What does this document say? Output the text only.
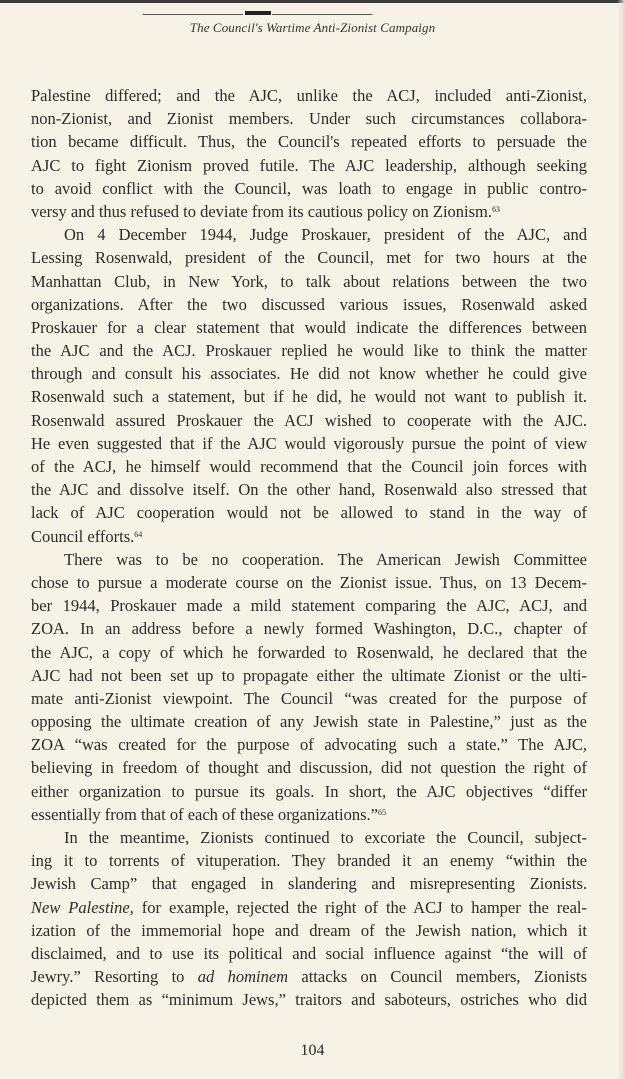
The Council's Wartime Anti-Zionist Campaign
Palestine differed; and the AJC, unlike the ACJ, included anti-Zionist,
non-Zionist, and Zionist members. Under such circumstances collabora-
tion became difficult. Thus, the Council's repeated efforts to persuade the
AJC to fight Zionism proved futile. The AJC leadership, although seeking
to avoid conflict with the Council, was loath to engage in public contro-
versy and thus refused to deviate from its cautious policy on Zionism.$^{63}$
On 4 December 1944, Judge Proskauer, president of the AJC, and
Lessing Rosenwald, president of the Council, met for two hours at the
Manhattan Club, in New York, to talk about relations between the two
organizations. After the two discussed various issues, Rosenwald asked
Proskauer for a clear statement that would indicate the differences between
the AJC and the ACJ. Proskauer replied he would like to think the matter
through and consult his associates. He did not know whether he could give
Rosenwald such a statement, but if he did, he would not want to publish it.
Rosenwald assured Proskauer the ACJ wished to cooperate with the AJC.
He even suggested that if the AJC would vigorously pursue the point of view
of the ACJ, he himself would recommend that the Council join forces with
the AJC and dissolve itself. On the other hand, Rosenwald also stressed that
lack of AJC cooperation would not be allowed to stand in the way of
Council efforts.$^{64}$
There was to be no cooperation. The American Jewish Committee
chose to pursue a moderate course on the Zionist issue. Thus, on 13 Decem-
ber 1944, Proskauer made a mild statement comparing the AJC, ACJ, and
ZOA. In an address before a newly formed Washington, D.C., chapter of
the AJC, a copy of which he forwarded to Rosenwald, he declared that the
AJC had not been set up to propagate either the ultimate Zionist or the ulti-
mate anti-Zionist viewpoint. The Council “was created for the purpose of
opposing the ultimate creation of any Jewish state in Palestine,” just as the
ZOA “was created for the purpose of advocating such a state.” The AJC,
believing in freedom of thought and discussion, did not question the right of
either organization to pursue its goals. In short, the AJC objectives “differ
essentially from that of each of these organizations.”$^{65}$
In the meantime, Zionists continued to excoriate the Council, subject-
ing it to torrents of vituperation. They branded it an enemy “within the
Jewish Camp” that engaged in slandering and misrepresenting Zionists.
New Palestine, for example, rejected the right of the ACJ to hamper the real-
ization of the immemorial hope and dream of the Jewish nation, which it
disclaimed, and to use its political and social influence against “the will of
Jewry.” Resorting to ad hominem attacks on Council members, Zionists
depicted them as “minimum Jews,” traitors and saboteurs, ostriches who did
104
